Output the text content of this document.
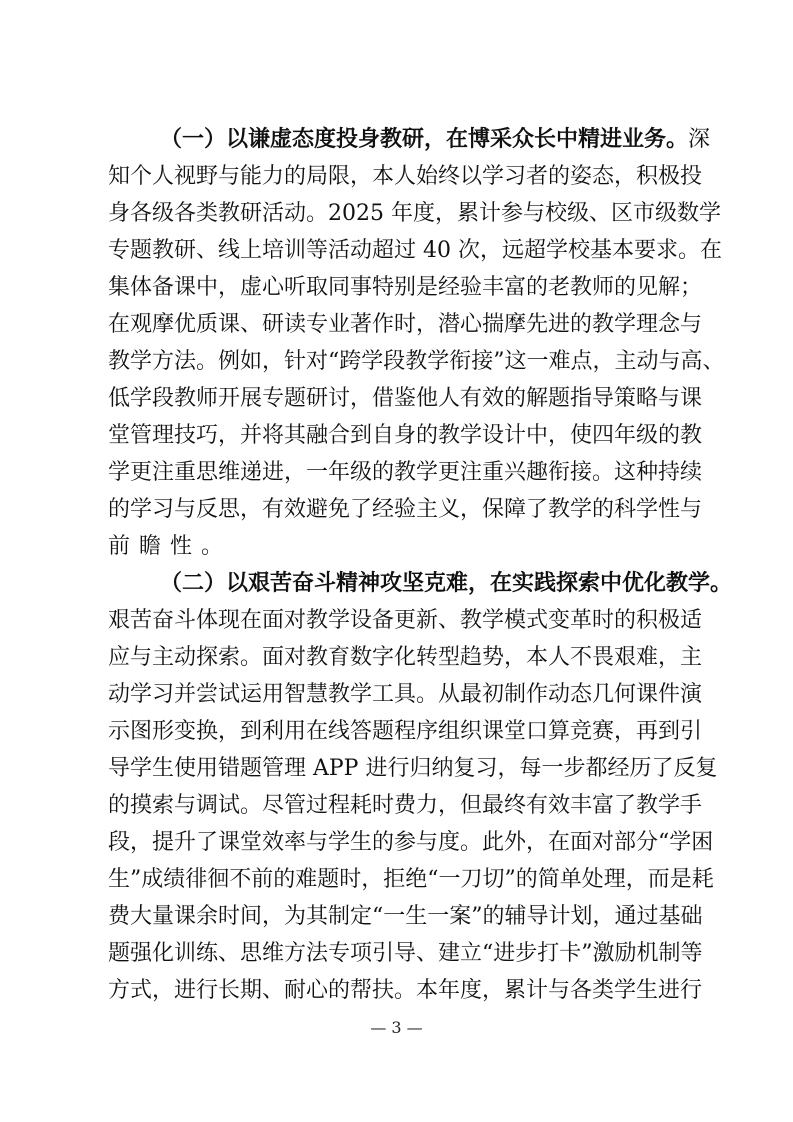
（一）以谦虚态度投身教研，在博采众长中精进业务。深
知个人视野与能力的局限，本人始终以学习者的姿态，积极投
身各级各类教研活动。2025 年度，累计参与校级、区市级数学
专题教研、线上培训等活动超过 40 次，远超学校基本要求。在
集体备课中，虚心听取同事特别是经验丰富的老教师的见解；
在观摩优质课、研读专业著作时，潜心揣摩先进的教学理念与
教学方法。例如，针对“跨学段教学衔接”这一难点，主动与高、
低学段教师开展专题研讨，借鉴他人有效的解题指导策略与课
堂管理技巧，并将其融合到自身的教学设计中，使四年级的教
学更注重思维递进，一年级的教学更注重兴趣衔接。这种持续
的学习与反思，有效避免了经验主义，保障了教学的科学性与
前瞻性。
（二）以艰苦奋斗精神攻坚克难，在实践探索中优化教学。
艰苦奋斗体现在面对教学设备更新、教学模式变革时的积极适
应与主动探索。面对教育数字化转型趋势，本人不畏艰难，主
动学习并尝试运用智慧教学工具。从最初制作动态几何课件演
示图形变换，到利用在线答题程序组织课堂口算竞赛，再到引
导学生使用错题管理 APP 进行归纳复习，每一步都经历了反复
的摸索与调试。尽管过程耗时费力，但最终有效丰富了教学手
段，提升了课堂效率与学生的参与度。此外，在面对部分“学困
生”成绩徘徊不前的难题时，拒绝“一刀切”的简单处理，而是耗
费大量课余时间，为其制定“一生一案”的辅导计划，通过基础
题强化训练、思维方法专项引导、建立“进步打卡”激励机制等
方式，进行长期、耐心的帮扶。本年度，累计与各类学生进行
— 3 —
